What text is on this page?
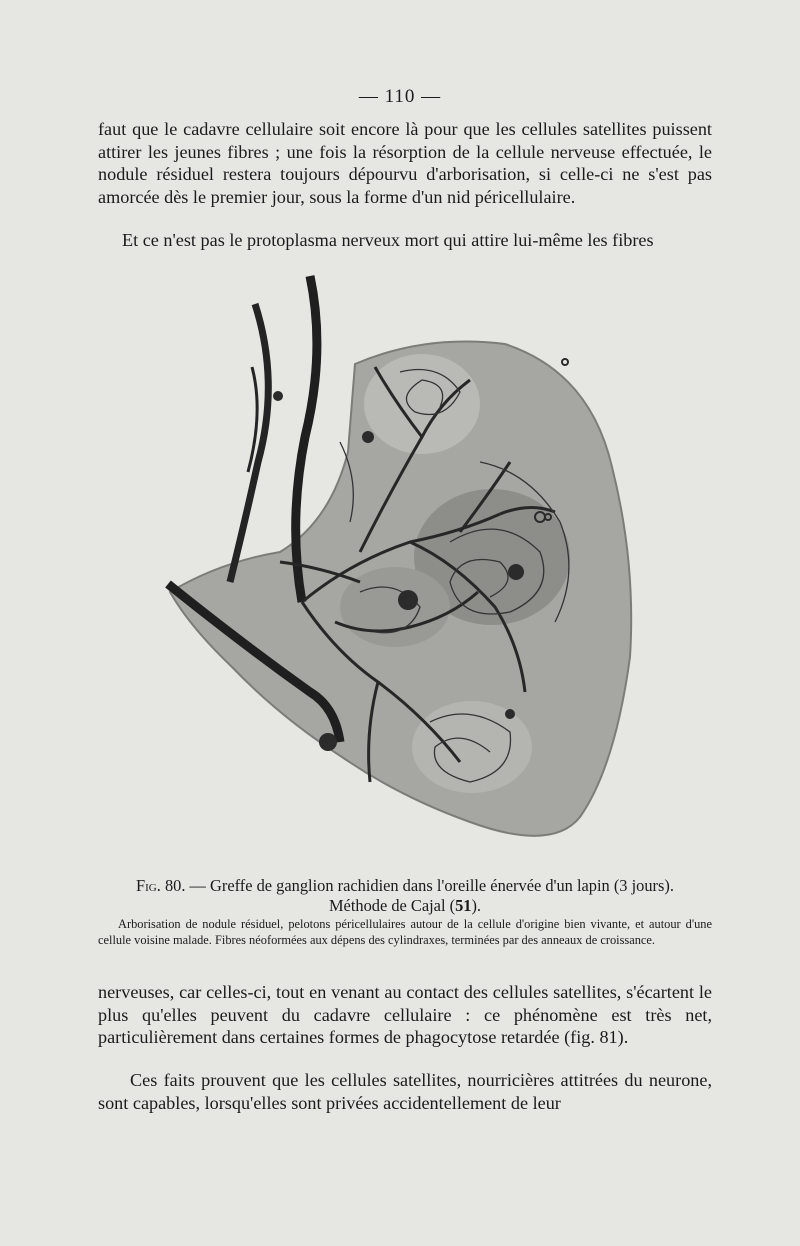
— 110 —

faut que le cadavre cellulaire soit encore là pour que les cellules satellites puissent attirer les jeunes fibres ; une fois la résorption de la cellule nerveuse effectuée, le nodule résiduel restera toujours dépourvu d'arborisation, si celle-ci ne s'est pas amorcée dès le premier jour, sous la forme d'un nid péricellulaire.

Et ce n'est pas le protoplasma nerveux mort qui attire lui-même les fibres

Fig. 80. — Greffe de ganglion rachidien dans l'oreille énervée d'un lapin (3 jours).
Méthode de Cajal (51).

Arborisation de nodule résiduel, pelotons péricellulaires autour de la cellule d'origine bien vivante, et autour d'une cellule voisine malade. Fibres néoformées aux dépens des cylindraxes, terminées par des anneaux de croissance.

nerveuses, car celles-ci, tout en venant au contact des cellules satellites, s'écartent le plus qu'elles peuvent du cadavre cellulaire : ce phénomène est très net, particulièrement dans certaines formes de phagocytose retardée (fig. 81).

Ces faits prouvent que les cellules satellites, nourricières attitrées du neurone, sont capables, lorsqu'elles sont privées accidentellement de leur
